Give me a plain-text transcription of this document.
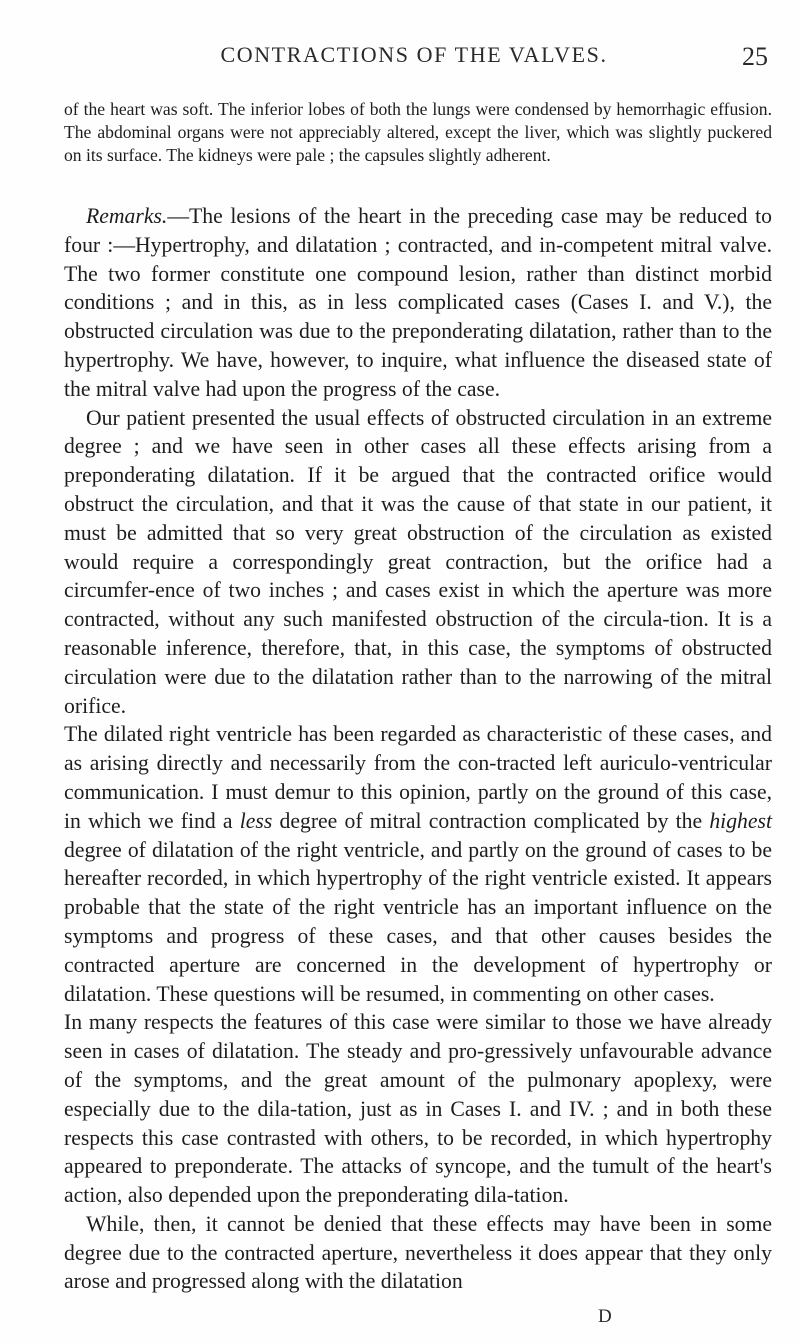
CONTRACTIONS OF THE VALVES.	25

of the heart was soft. The inferior lobes of both the lungs were condensed by hemorrhagic effusion. The abdominal organs were not appreciably altered, except the liver, which was slightly puckered on its surface. The kidneys were pale ; the capsules slightly adherent.

Remarks.—The lesions of the heart in the preceding case may be reduced to four :—Hypertrophy, and dilatation ; contracted, and in-competent mitral valve. The two former constitute one compound lesion, rather than distinct morbid conditions ; and in this, as in less complicated cases (Cases I. and V.), the obstructed circulation was due to the preponderating dilatation, rather than to the hypertrophy. We have, however, to inquire, what influence the diseased state of the mitral valve had upon the progress of the case.

Our patient presented the usual effects of obstructed circulation in an extreme degree ; and we have seen in other cases all these effects arising from a preponderating dilatation. If it be argued that the contracted orifice would obstruct the circulation, and that it was the cause of that state in our patient, it must be admitted that so very great obstruction of the circulation as existed would require a correspondingly great contraction, but the orifice had a circumfer-ence of two inches ; and cases exist in which the aperture was more contracted, without any such manifested obstruction of the circula-tion. It is a reasonable inference, therefore, that, in this case, the symptoms of obstructed circulation were due to the dilatation rather than to the narrowing of the mitral orifice.

The dilated right ventricle has been regarded as characteristic of these cases, and as arising directly and necessarily from the con-tracted left auriculo-ventricular communication. I must demur to this opinion, partly on the ground of this case, in which we find a less degree of mitral contraction complicated by the highest degree of dilatation of the right ventricle, and partly on the ground of cases to be hereafter recorded, in which hypertrophy of the right ventricle existed. It appears probable that the state of the right ventricle has an important influence on the symptoms and progress of these cases, and that other causes besides the contracted aperture are concerned in the development of hypertrophy or dilatation. These questions will be resumed, in commenting on other cases.

In many respects the features of this case were similar to those we have already seen in cases of dilatation. The steady and pro-gressively unfavourable advance of the symptoms, and the great amount of the pulmonary apoplexy, were especially due to the dila-tation, just as in Cases I. and IV. ; and in both these respects this case contrasted with others, to be recorded, in which hypertrophy appeared to preponderate. The attacks of syncope, and the tumult of the heart's action, also depended upon the preponderating dila-tation.

While, then, it cannot be denied that these effects may have been in some degree due to the contracted aperture, nevertheless it does appear that they only arose and progressed along with the dilatation

D
